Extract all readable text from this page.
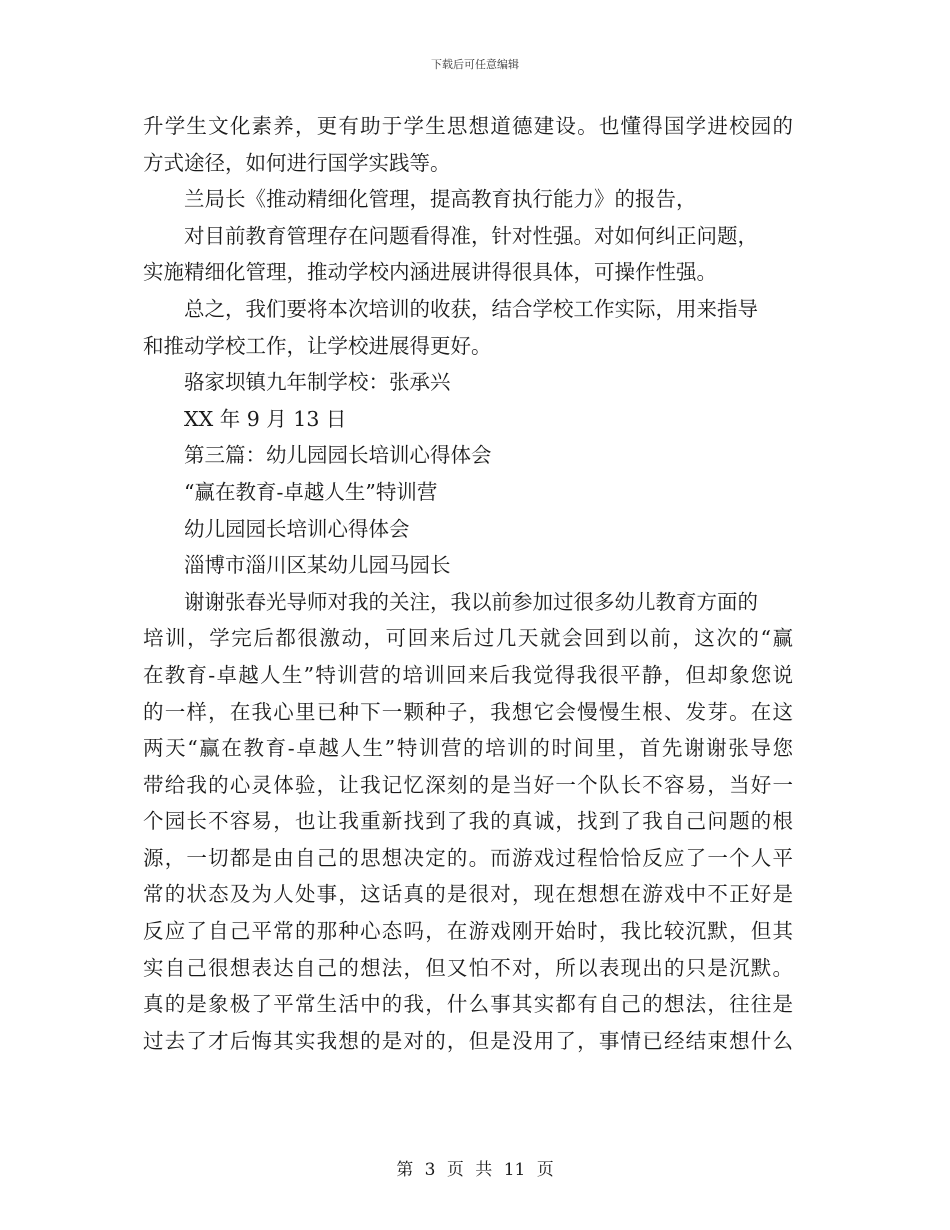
下载后可任意编辑
升学生文化素养，更有助于学生思想道德建设。也懂得国学进校园的
方式途径，如何进行国学实践等。
兰局长《推动精细化管理，提高教育执行能力》的报告，
对目前教育管理存在问题看得准，针对性强。对如何纠正问题，
实施精细化管理，推动学校内涵进展讲得很具体，可操作性强。
总之，我们要将本次培训的收获，结合学校工作实际，用来指导
和推动学校工作，让学校进展得更好。
骆家坝镇九年制学校：张承兴
XX 年 9 月 13 日
第三篇：幼儿园园长培训心得体会
“赢在教育-卓越人生”特训营
幼儿园园长培训心得体会
淄博市淄川区某幼儿园马园长
谢谢张春光导师对我的关注，我以前参加过很多幼儿教育方面的
培训，学完后都很激动，可回来后过几天就会回到以前，这次的“赢
在教育-卓越人生”特训营的培训回来后我觉得我很平静，但却象您说
的一样，在我心里已种下一颗种子，我想它会慢慢生根、发芽。在这
两天“赢在教育-卓越人生”特训营的培训的时间里，首先谢谢张导您
带给我的心灵体验，让我记忆深刻的是当好一个队长不容易，当好一
个园长不容易，也让我重新找到了我的真诚，找到了我自己问题的根
源，一切都是由自己的思想决定的。而游戏过程恰恰反应了一个人平
常的状态及为人处事，这话真的是很对，现在想想在游戏中不正好是
反应了自己平常的那种心态吗，在游戏刚开始时，我比较沉默，但其
实自己很想表达自己的想法，但又怕不对，所以表现出的只是沉默。
真的是象极了平常生活中的我，什么事其实都有自己的想法，往往是
过去了才后悔其实我想的是对的，但是没用了，事情已经结束想什么
第 3 页 共 11 页
